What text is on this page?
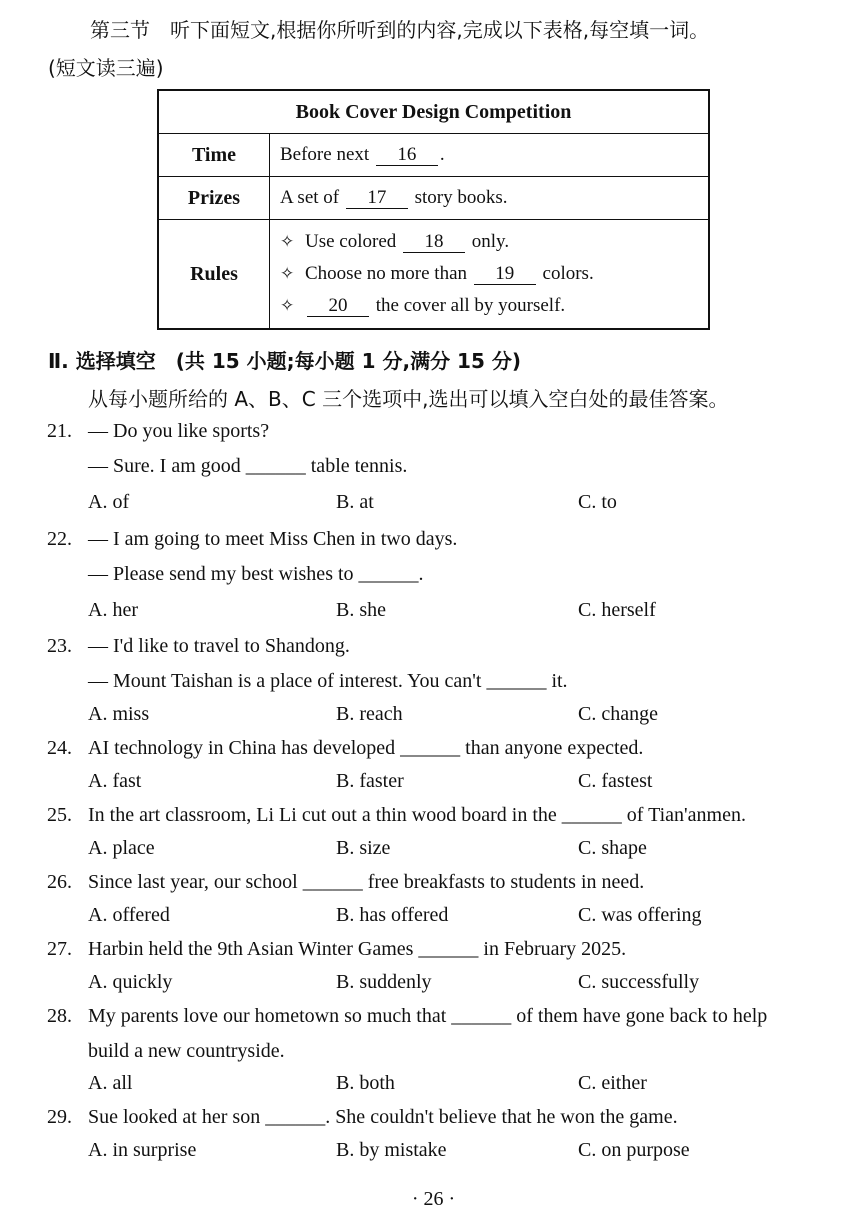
第三节　听下面短文,根据你所听到的内容,完成以下表格,每空填一词。
(短文读三遍)
Book Cover Design Competition	
Time	Before next 16 .
Prizes	A set of 17 story books.
Rules	✧ Use colored 18 only.
✧ Choose no more than 19 colors.
✧ 20 the cover all by yourself.
Ⅱ. 选择填空　(共 15 小题;每小题 1 分,满分 15 分)
从每小题所给的 A、B、C 三个选项中,选出可以填入空白处的最佳答案。
21. — Do you like sports?
— Sure. I am good ______ table tennis.
A. of	B. at	C. to
22. — I am going to meet Miss Chen in two days.
— Please send my best wishes to ______.
A. her	B. she	C. herself
23. — I'd like to travel to Shandong.
— Mount Taishan is a place of interest. You can't ______ it.
A. miss	B. reach	C. change
24. AI technology in China has developed ______ than anyone expected.
A. fast	B. faster	C. fastest
25. In the art classroom, Li Li cut out a thin wood board in the ______ of Tian'anmen.
A. place	B. size	C. shape
26. Since last year, our school ______ free breakfasts to students in need.
A. offered	B. has offered	C. was offering
27. Harbin held the 9th Asian Winter Games ______ in February 2025.
A. quickly	B. suddenly	C. successfully
28. My parents love our hometown so much that ______ of them have gone back to help
build a new countryside.
A. all	B. both	C. either
29. Sue looked at her son ______. She couldn't believe that he won the game.
A. in surprise	B. by mistake	C. on purpose
· 26 ·
